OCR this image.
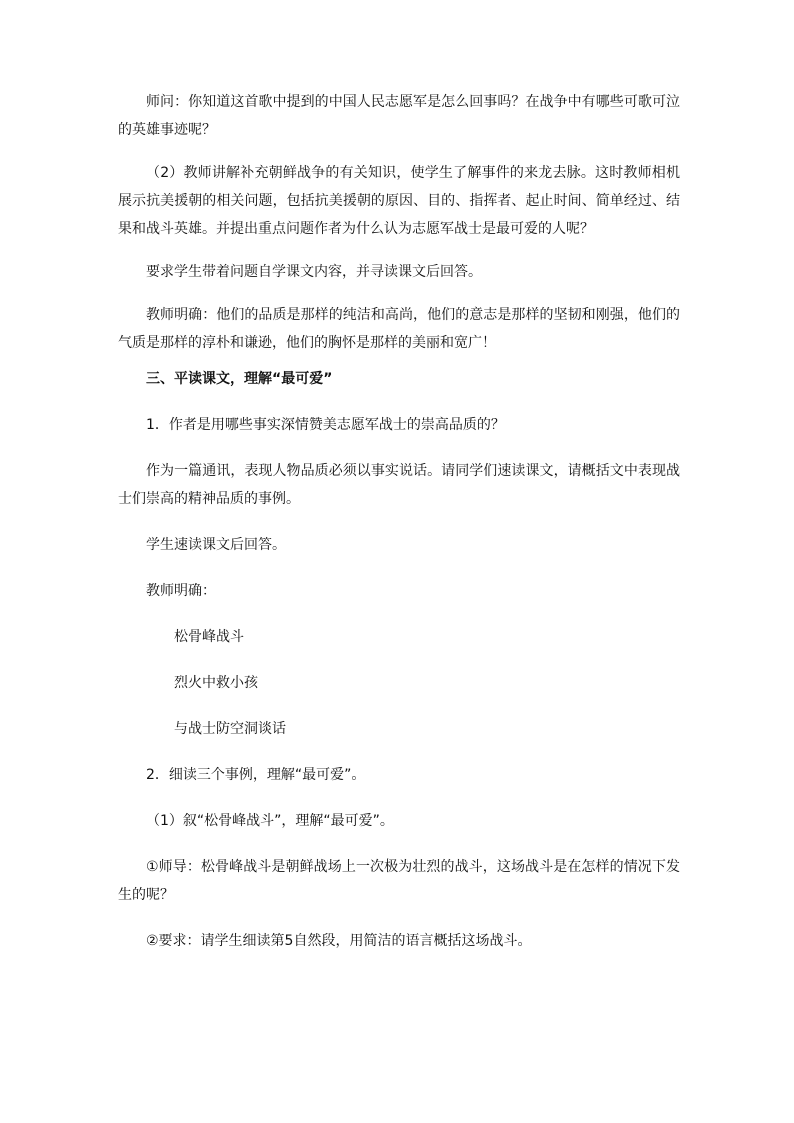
师问：你知道这首歌中提到的中国人民志愿军是怎么回事吗？在战争中有哪些可歌可泣的英雄事迹呢？

（2）教师讲解补充朝鲜战争的有关知识，使学生了解事件的来龙去脉。这时教师相机展示抗美援朝的相关问题，包括抗美援朝的原因、目的、指挥者、起止时间、简单经过、结果和战斗英雄。并提出重点问题作者为什么认为志愿军战士是最可爱的人呢？

要求学生带着问题自学课文内容，并寻读课文后回答。

教师明确：他们的品质是那样的纯洁和高尚，他们的意志是那样的坚韧和刚强，他们的气质是那样的淳朴和谦逊，他们的胸怀是那样的美丽和宽广！

三、平读课文，理解“最可爱”

1．作者是用哪些事实深情赞美志愿军战士的崇高品质的？

作为一篇通讯，表现人物品质必须以事实说话。请同学们速读课文，请概括文中表现战士们崇高的精神品质的事例。

学生速读课文后回答。

教师明确：

松骨峰战斗

烈火中救小孩

与战士防空洞谈话

2．细读三个事例，理解“最可爱”。

（1）叙“松骨峰战斗”，理解“最可爱”。

①师导：松骨峰战斗是朝鲜战场上一次极为壮烈的战斗，这场战斗是在怎样的情况下发生的呢？

②要求：请学生细读第5自然段，用简洁的语言概括这场战斗。
